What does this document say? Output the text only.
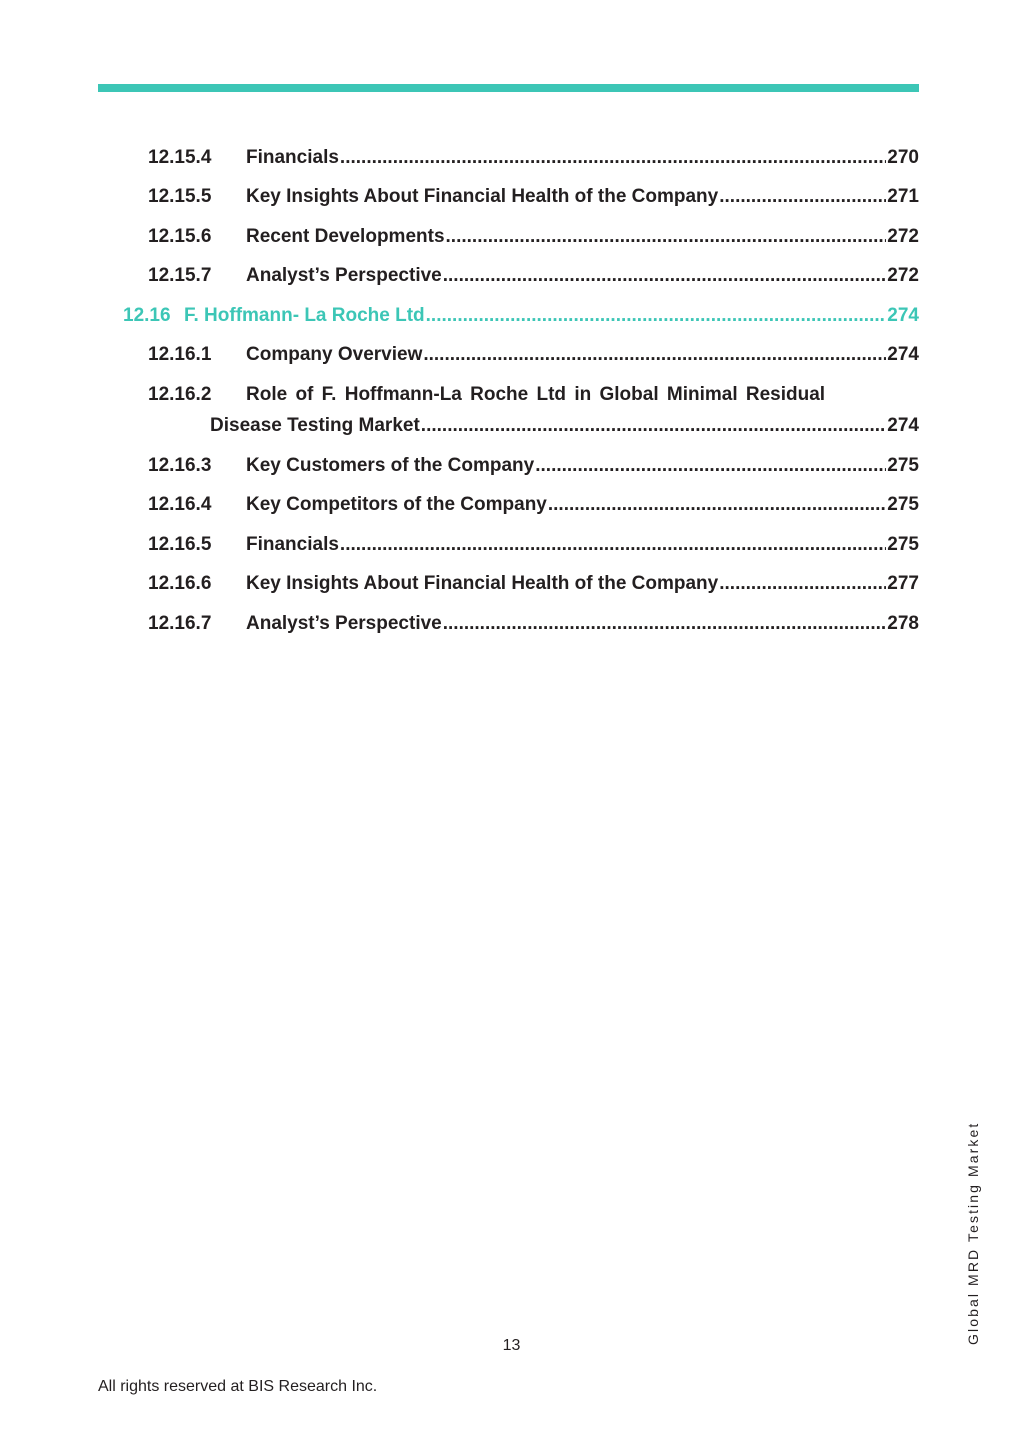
12.15.4	Financials .....	270
12.15.5	Key Insights About Financial Health of the Company .....	271
12.15.6	Recent Developments .....	272
12.15.7	Analyst’s Perspective .....	272
12.16 F. Hoffmann- La Roche Ltd .....	274
12.16.1	Company Overview .....	274
12.16.2	Role of F. Hoffmann-La Roche Ltd in Global Minimal Residual
Disease Testing Market .....	274
12.16.3	Key Customers of the Company .....	275
12.16.4	Key Competitors of the Company .....	275
12.16.5	Financials .....	275
12.16.6	Key Insights About Financial Health of the Company .....	277
12.16.7	Analyst’s Perspective .....	278
Global MRD Testing Market
13
All rights reserved at BIS Research Inc.
